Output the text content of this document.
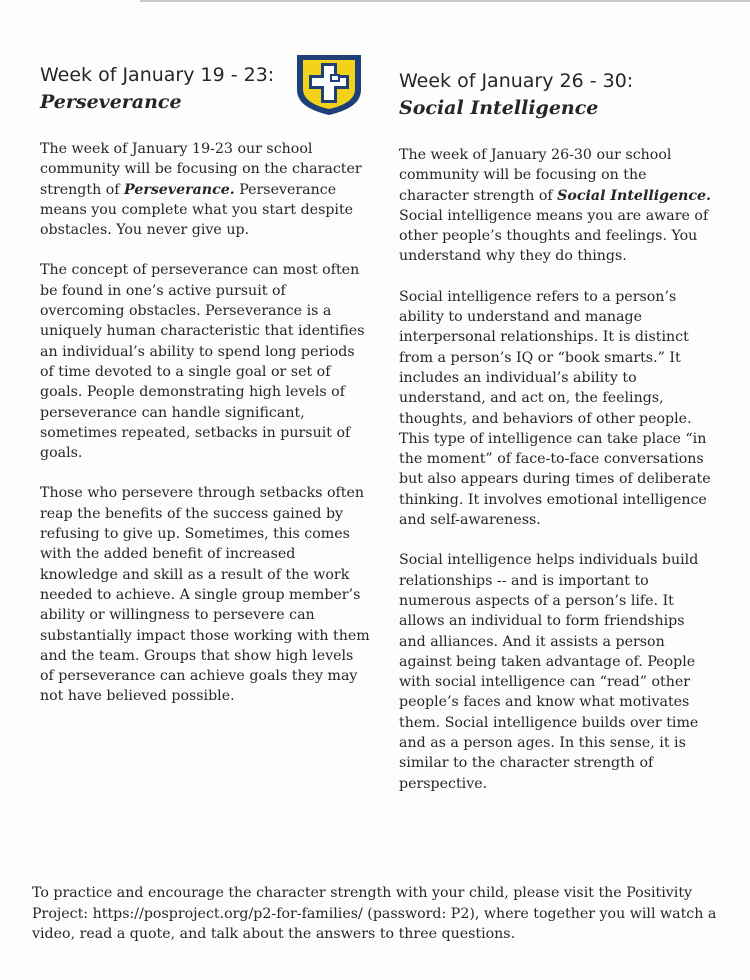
Week of January 19 - 23:
Perseverance

The week of January 19-23 our school community will be focusing on the character strength of Perseverance. Perseverance means you complete what you start despite obstacles. You never give up.

The concept of perseverance can most often be found in one’s active pursuit of overcoming obstacles. Perseverance is a uniquely human characteristic that identifies an individual’s ability to spend long periods of time devoted to a single goal or set of goals. People demonstrating high levels of perseverance can handle significant, sometimes repeated, setbacks in pursuit of goals.

Those who persevere through setbacks often reap the benefits of the success gained by refusing to give up. Sometimes, this comes with the added benefit of increased knowledge and skill as a result of the work needed to achieve. A single group member’s ability or willingness to persevere can substantially impact those working with them and the team. Groups that show high levels of perseverance can achieve goals they may not have believed possible.

Week of January 26 - 30:
Social Intelligence

The week of January 26-30 our school community will be focusing on the character strength of Social Intelligence. Social intelligence means you are aware of other people’s thoughts and feelings. You understand why they do things.

Social intelligence refers to a person’s ability to understand and manage interpersonal relationships. It is distinct from a person’s IQ or “book smarts.” It includes an individual’s ability to understand, and act on, the feelings, thoughts, and behaviors of other people. This type of intelligence can take place “in the moment” of face-to-face conversations but also appears during times of deliberate thinking. It involves emotional intelligence and self-awareness.

Social intelligence helps individuals build relationships -- and is important to numerous aspects of a person’s life. It allows an individual to form friendships and alliances. And it assists a person against being taken advantage of. People with social intelligence can “read” other people’s faces and know what motivates them. Social intelligence builds over time and as a person ages. In this sense, it is similar to the character strength of perspective.

To practice and encourage the character strength with your child, please visit the Positivity Project: https://posproject.org/p2-for-families/ (password: P2), where together you will watch a video, read a quote, and talk about the answers to three questions.
